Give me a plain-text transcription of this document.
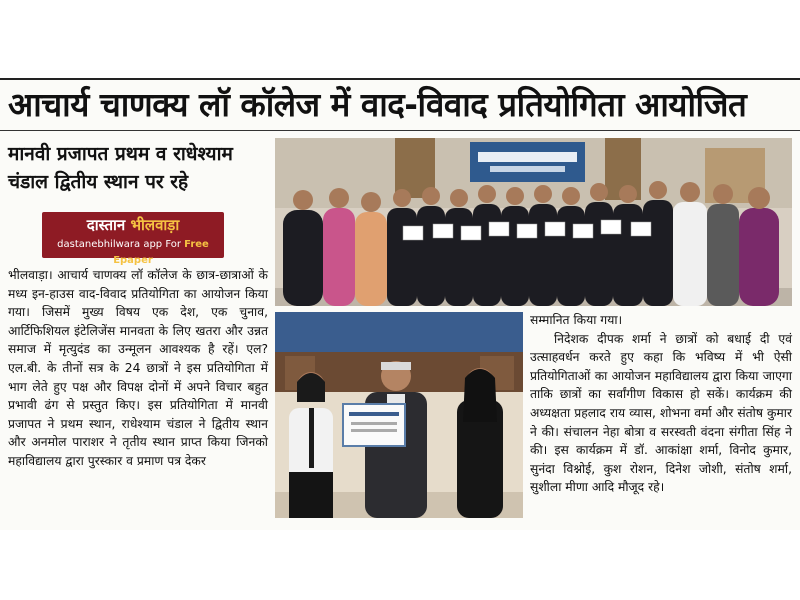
आचार्य चाणक्य लॉ कॉलेज में वाद-विवाद प्रतियोगिता आयोजित
मानवी प्रजापत प्रथम व राधेश्याम
चंडाल द्वितीय स्थान पर रहे
दास्तान भीलवाड़ा
dastanebhilwara app For Free Epaper
भीलवाड़ा। आचार्य चाणक्य लॉ कॉलेज के छात्र-छात्राओं के मध्य इन-हाउस वाद-विवाद प्रतियोगिता का आयोजन किया गया। जिसमें मुख्य विषय एक देश, एक चुनाव, आर्टिफिशियल इंटेलिजेंस मानवता के लिए खतरा और उन्नत समाज में मृत्युदंड का उन्मूलन आवश्यक है रहें। एल?एल.बी. के तीनों सत्र के 24 छात्रों ने इस प्रतियोगिता में भाग लेते हुए पक्ष और विपक्ष दोनों में अपने विचार बहुत प्रभावी ढंग से प्रस्तुत किए। इस प्रतियोगिता में मानवी प्रजापत ने प्रथम स्थान, राधेश्याम चंडाल ने द्वितीय स्थान और अनमोल पाराशर ने तृतीय स्थान प्राप्त किया जिनको महाविद्यालय द्वारा पुरस्कार व प्रमाण पत्र देकर
सम्मानित किया गया।
निदेशक दीपक शर्मा ने छात्रों को बधाई दी एवं उत्साहवर्धन करते हुए कहा कि भविष्य में भी ऐसी प्रतियोगिताओं का आयोजन महाविद्यालय द्वारा किया जाएगा ताकि छात्रों का सर्वांगीण विकास हो सकें। कार्यक्रम की अध्यक्षता प्रहलाद राय व्यास, शोभना वर्मा और संतोष कुमार ने की। संचालन नेहा बोत्रा व सरस्वती वंदना संगीता सिंह ने की। इस कार्यक्रम में डॉ. आकांक्षा शर्मा, विनोद कुमार, सुनंदा विश्नोई, कुश रोशन, दिनेश जोशी, संतोष शर्मा, सुशीला मीणा आदि मौजूद रहे।
